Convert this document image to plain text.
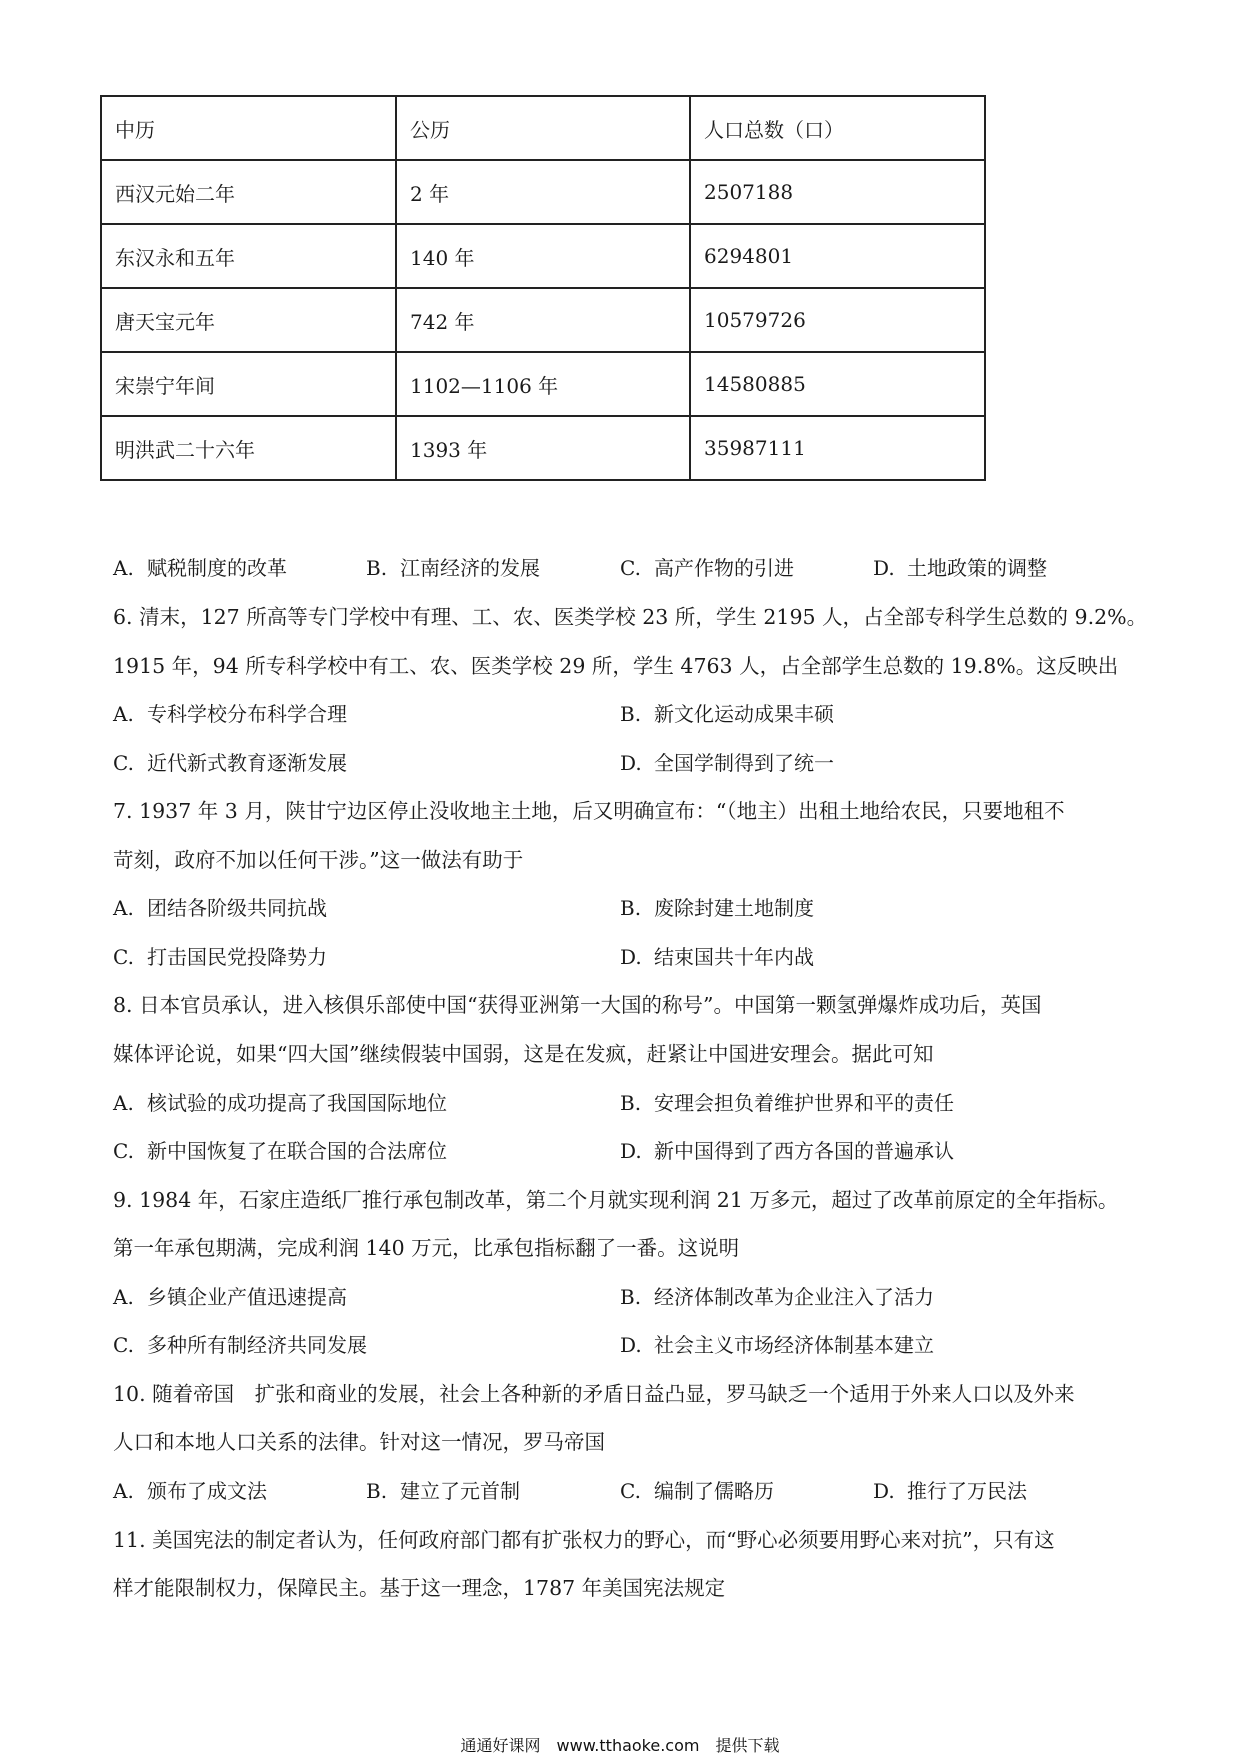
中历	公历	人口总数（口）
西汉元始二年	2 年	2507188
东汉永和五年	140 年	6294801
唐天宝元年	742 年	10579726
宋崇宁年间	1102—1106 年	14580885
明洪武二十六年	1393 年	35987111
A. 赋税制度的改革	B. 江南经济的发展	C. 高产作物的引进	D. 土地政策的调整
6. 清末，127 所高等专门学校中有理、工、农、医类学校 23 所，学生 2195 人，占全部专科学生总数的 9.2%。
1915 年，94 所专科学校中有工、农、医类学校 29 所，学生 4763 人，占全部学生总数的 19.8%。这反映出
A. 专科学校分布科学合理	B. 新文化运动成果丰硕
C. 近代新式教育逐渐发展	D. 全国学制得到了统一
7. 1937 年 3 月，陕甘宁边区停止没收地主土地，后又明确宣布：“（地主）出租土地给农民，只要地租不
苛刻，政府不加以任何干涉。”这一做法有助于
A. 团结各阶级共同抗战	B. 废除封建土地制度
C. 打击国民党投降势力	D. 结束国共十年内战
8. 日本官员承认，进入核俱乐部使中国“获得亚洲第一大国的称号”。中国第一颗氢弹爆炸成功后，英国
媒体评论说，如果“四大国”继续假装中国弱，这是在发疯，赶紧让中国进安理会。据此可知
A. 核试验的成功提高了我国国际地位	B. 安理会担负着维护世界和平的责任
C. 新中国恢复了在联合国的合法席位	D. 新中国得到了西方各国的普遍承认
9. 1984 年，石家庄造纸厂推行承包制改革，第二个月就实现利润 21 万多元，超过了改革前原定的全年指标。
第一年承包期满，完成利润 140 万元，比承包指标翻了一番。这说明
A. 乡镇企业产值迅速提高	B. 经济体制改革为企业注入了活力
C. 多种所有制经济共同发展	D. 社会主义市场经济体制基本建立
10. 随着帝国　扩张和商业的发展，社会上各种新的矛盾日益凸显，罗马缺乏一个适用于外来人口以及外来
人口和本地人口关系的法律。针对这一情况，罗马帝国
A. 颁布了成文法	B. 建立了元首制	C. 编制了儒略历	D. 推行了万民法
11. 美国宪法的制定者认为，任何政府部门都有扩张权力的野心，而“野心必须要用野心来对抗”，只有这
样才能限制权力，保障民主。基于这一理念，1787 年美国宪法规定
通通好课网　www.tthaoke.com　提供下载
